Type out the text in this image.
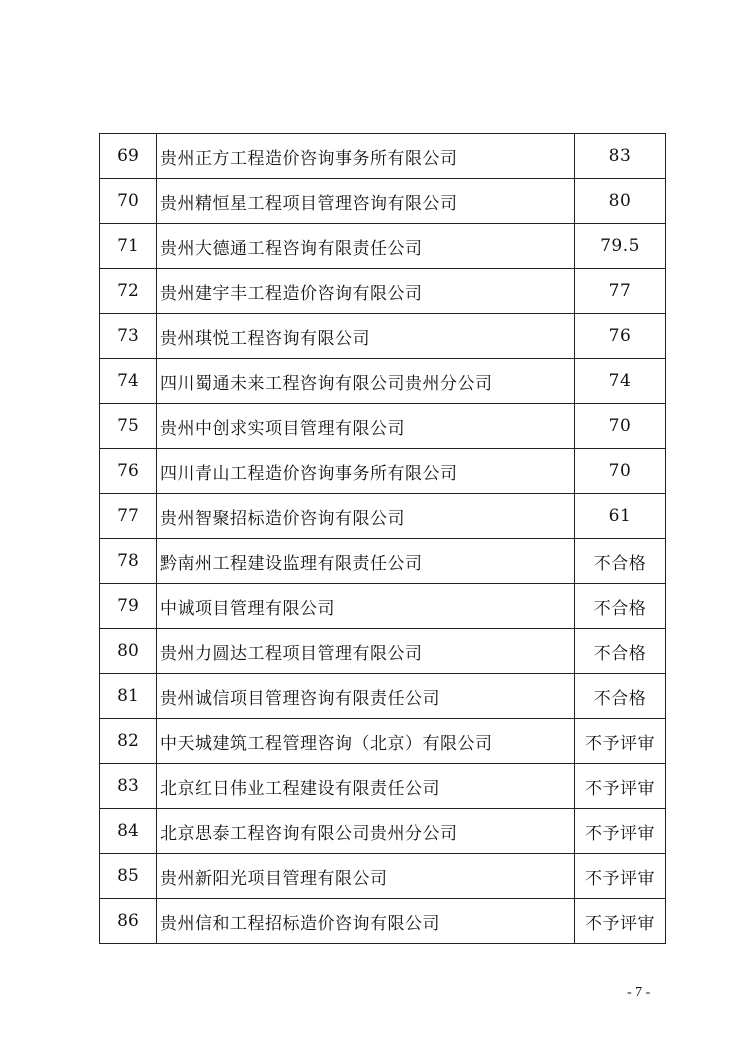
69	贵州正方工程造价咨询事务所有限公司	83
70	贵州精恒星工程项目管理咨询有限公司	80
71	贵州大德通工程咨询有限责任公司	79.5
72	贵州建宇丰工程造价咨询有限公司	77
73	贵州琪悦工程咨询有限公司	76
74	四川蜀通未来工程咨询有限公司贵州分公司	74
75	贵州中创求实项目管理有限公司	70
76	四川青山工程造价咨询事务所有限公司	70
77	贵州智聚招标造价咨询有限公司	61
78	黔南州工程建设监理有限责任公司	不合格
79	中诚项目管理有限公司	不合格
80	贵州力圆达工程项目管理有限公司	不合格
81	贵州诚信项目管理咨询有限责任公司	不合格
82	中天城建筑工程管理咨询（北京）有限公司	不予评审
83	北京红日伟业工程建设有限责任公司	不予评审
84	北京思泰工程咨询有限公司贵州分公司	不予评审
85	贵州新阳光项目管理有限公司	不予评审
86	贵州信和工程招标造价咨询有限公司	不予评审
- 7 -
